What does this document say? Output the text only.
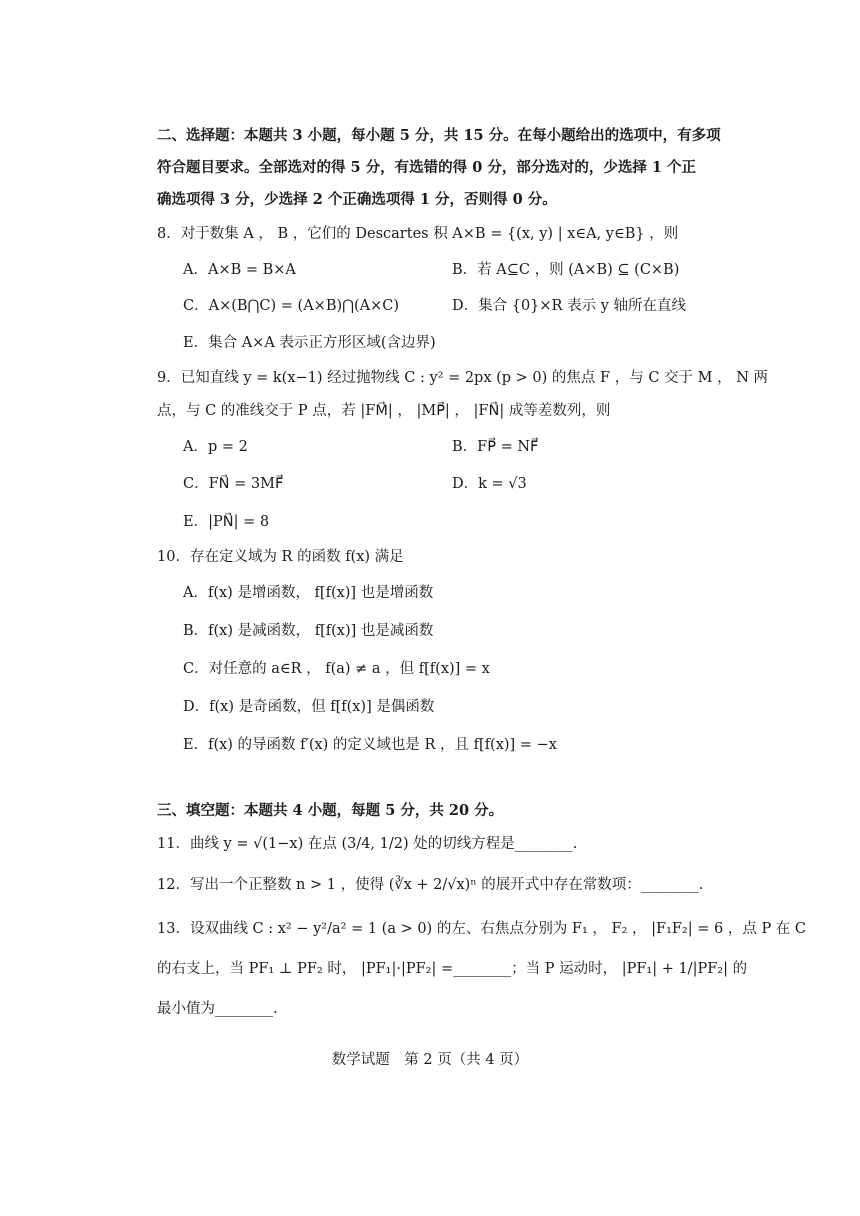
二、选择题：本题共 3 小题，每小题 5 分，共 15 分。在每小题给出的选项中，有多项
符合题目要求。全部选对的得 5 分，有选错的得 0 分，部分选对的，少选择 1 个正
确选项得 3 分，少选择 2 个正确选项得 1 分，否则得 0 分。
8．对于数集 A ， B ，它们的 Descartes 积 A×B = {(x, y) | x∈A, y∈B} ，则
A．A×B = B×A	B．若 A⊆C ，则 (A×B) ⊆ (C×B)
C．A×(B⋂C) = (A×B)⋂(A×C)	D．集合 {0}×R 表示 y 轴所在直线
E．集合 A×A 表示正方形区域(含边界)
9．已知直线 y = k(x−1) 经过抛物线 C : y² = 2px (p > 0) 的焦点 F ，与 C 交于 M ， N 两
点，与 C 的准线交于 P 点，若 |FM⃗| ， |MP⃗| ， |FN⃗| 成等差数列，则
A．p = 2	B．FP⃗ = NF⃗
C．FN⃗ = 3MF⃗	D．k = √3
E．|PN⃗| = 8
10．存在定义域为 R 的函数 f(x) 满足
A．f(x) 是增函数， f[f(x)] 也是增函数
B．f(x) 是减函数， f[f(x)] 也是减函数
C．对任意的 a∈R ， f(a) ≠ a ，但 f[f(x)] = x
D．f(x) 是奇函数，但 f[f(x)] 是偶函数
E．f(x) 的导函数 f′(x) 的定义域也是 R ，且 f[f(x)] = −x
三、填空题：本题共 4 小题，每题 5 分，共 20 分。
11．曲线 y = √(1−x) 在点 (3/4, 1/2) 处的切线方程是________.
12．写出一个正整数 n > 1 ，使得 (∛x + 2/√x)ⁿ 的展开式中存在常数项：________.
13．设双曲线 C : x² − y²/a² = 1 (a > 0) 的左、右焦点分别为 F₁ ， F₂ ， |F₁F₂| = 6 ，点 P 在 C
的右支上，当 PF₁ ⊥ PF₂ 时， |PF₁|·|PF₂| =________；当 P 运动时， |PF₁| + 1/|PF₂| 的
最小值为________.
数学试题　第 2 页（共 4 页）
